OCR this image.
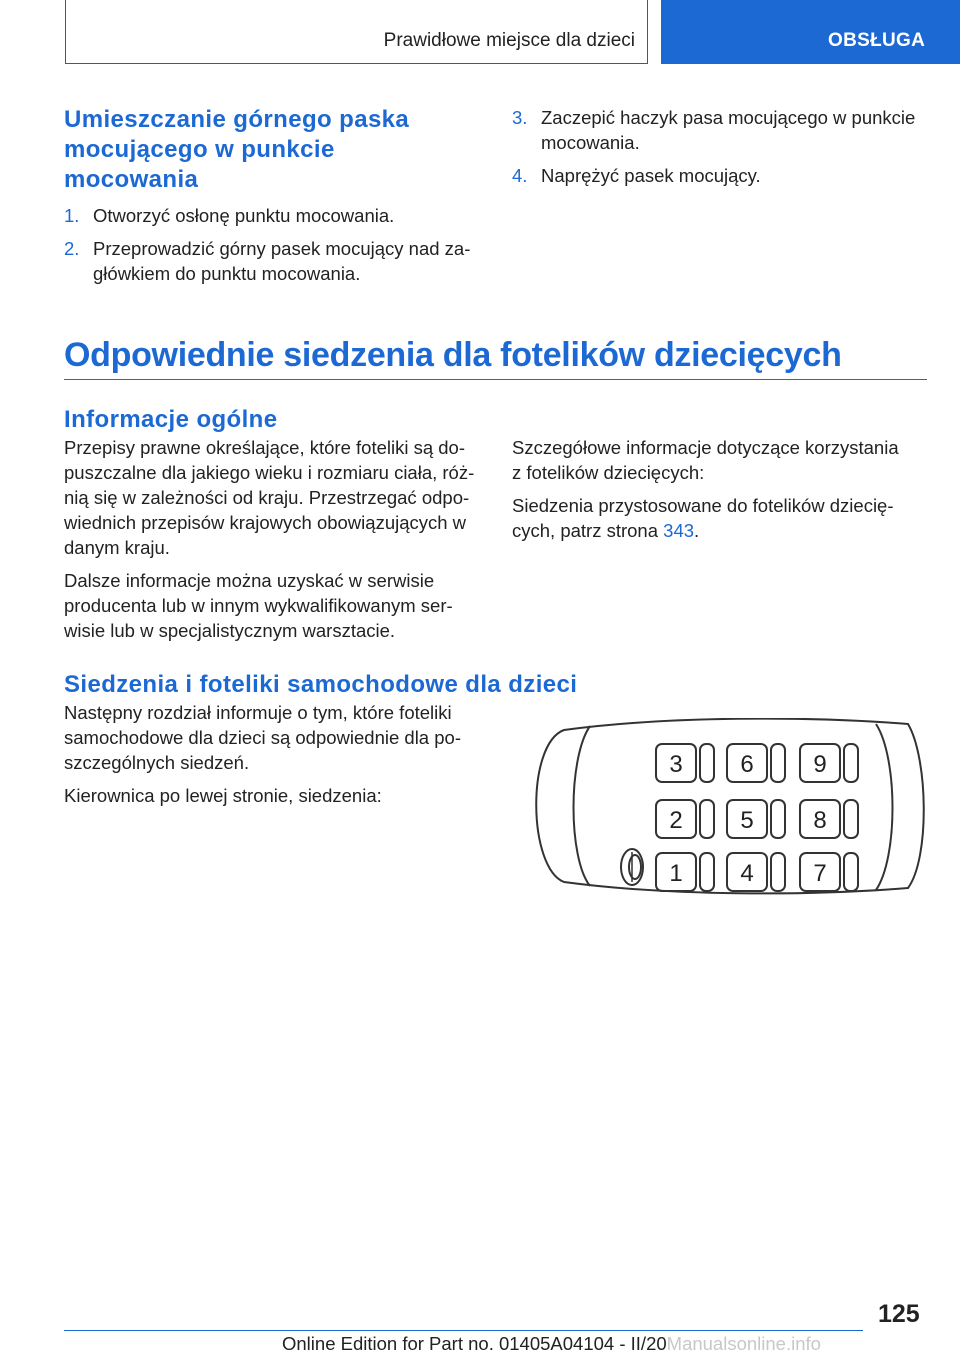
Prawidłowe miejsce dla dzieci	OBSŁUGA
Umieszczanie górnego paska
mocującego w punkcie
mocowania
1. Otworzyć osłonę punktu mocowania.
2. Przeprowadzić górny pasek mocujący nad za‐
główkiem do punktu mocowania.
3. Zaczepić haczyk pasa mocującego w punkcie
mocowania.
4. Naprężyć pasek mocujący.
Odpowiednie siedzenia dla fotelików dziecięcych
Informacje ogólne

Przepisy prawne określające, które foteliki są do‐
puszczalne dla jakiego wieku i rozmiaru ciała, róż‐
nią się w zależności od kraju. Przestrzegać odpo‐
wiednich przepisów krajowych obowiązujących w
danym kraju.

Dalsze informacje można uzyskać w serwisie
producenta lub w innym wykwalifikowanym ser‐
wisie lub w specjalistycznym warsztacie.

Szczegółowe informacje dotyczące korzystania
z fotelików dziecięcych:

Siedzenia przystosowane do fotelików dziecię‐
cych, patrz strona 343.

Siedzenia i foteliki samochodowe dla dzieci

Następny rozdział informuje o tym, które foteliki
samochodowe dla dzieci są odpowiednie dla po‐
szczególnych siedzeń.

Kierownica po lewej stronie, siedzenia:

3 6 9
2 5 8
1 4 7
125
Online Edition for Part no. 01405A04104 - II/20Manualsonline.info
